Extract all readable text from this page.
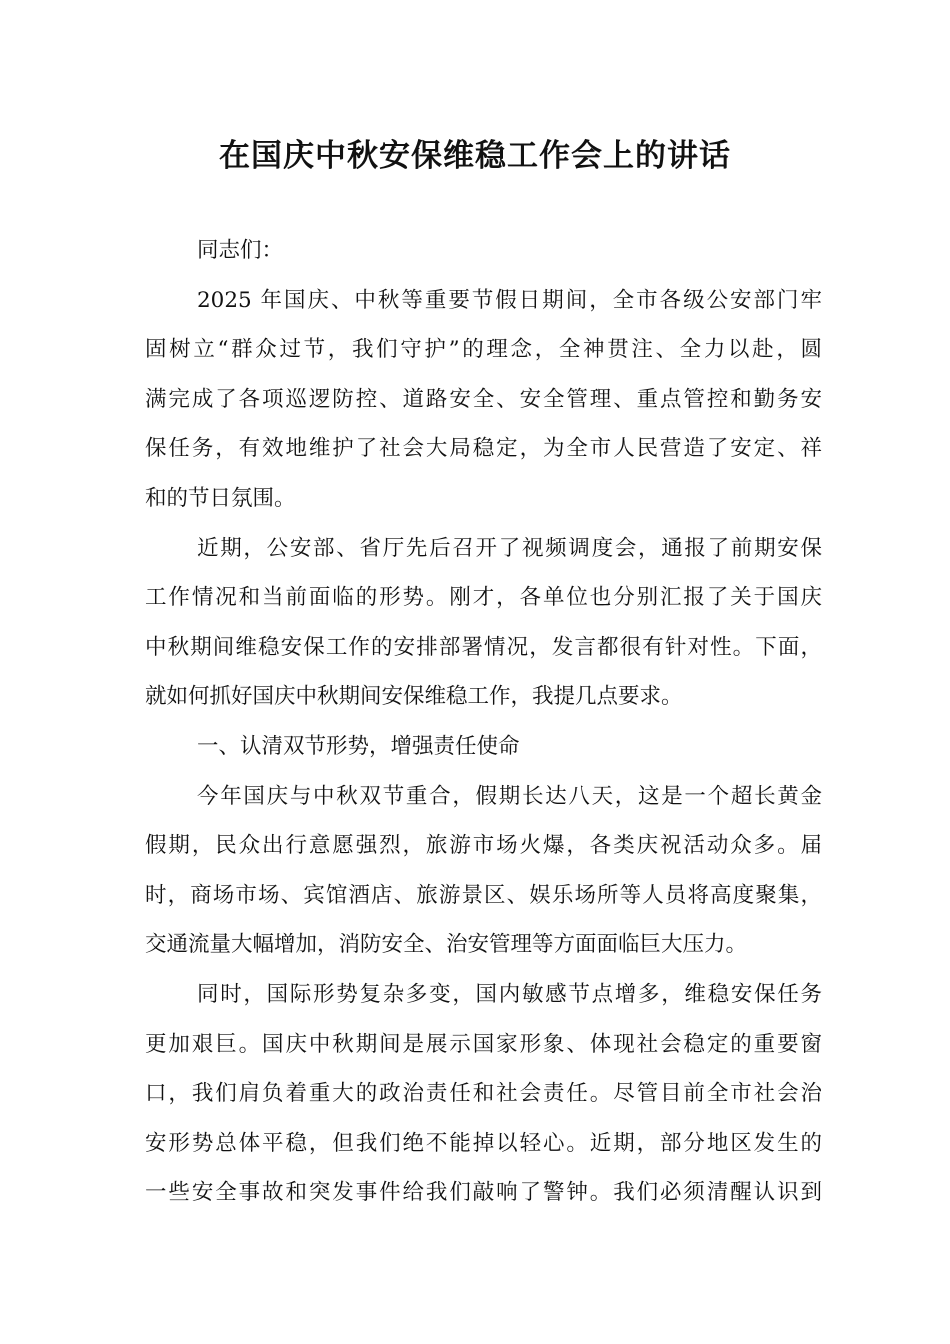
在国庆中秋安保维稳工作会上的讲话
同志们：
2025 年国庆、中秋等重要节假日期间，全市各级公安部门牢
固树立“群众过节，我们守护”的理念，全神贯注、全力以赴，圆
满完成了各项巡逻防控、道路安全、安全管理、重点管控和勤务安
保任务，有效地维护了社会大局稳定，为全市人民营造了安定、祥
和的节日氛围。
近期，公安部、省厅先后召开了视频调度会，通报了前期安保
工作情况和当前面临的形势。刚才，各单位也分别汇报了关于国庆
中秋期间维稳安保工作的安排部署情况，发言都很有针对性。下面，
就如何抓好国庆中秋期间安保维稳工作，我提几点要求。
一、认清双节形势，增强责任使命
今年国庆与中秋双节重合，假期长达八天，这是一个超长黄金
假期，民众出行意愿强烈，旅游市场火爆，各类庆祝活动众多。届
时，商场市场、宾馆酒店、旅游景区、娱乐场所等人员将高度聚集，
交通流量大幅增加，消防安全、治安管理等方面面临巨大压力。
同时，国际形势复杂多变，国内敏感节点增多，维稳安保任务
更加艰巨。国庆中秋期间是展示国家形象、体现社会稳定的重要窗
口，我们肩负着重大的政治责任和社会责任。尽管目前全市社会治
安形势总体平稳，但我们绝不能掉以轻心。近期，部分地区发生的
一些安全事故和突发事件给我们敲响了警钟。我们必须清醒认识到
